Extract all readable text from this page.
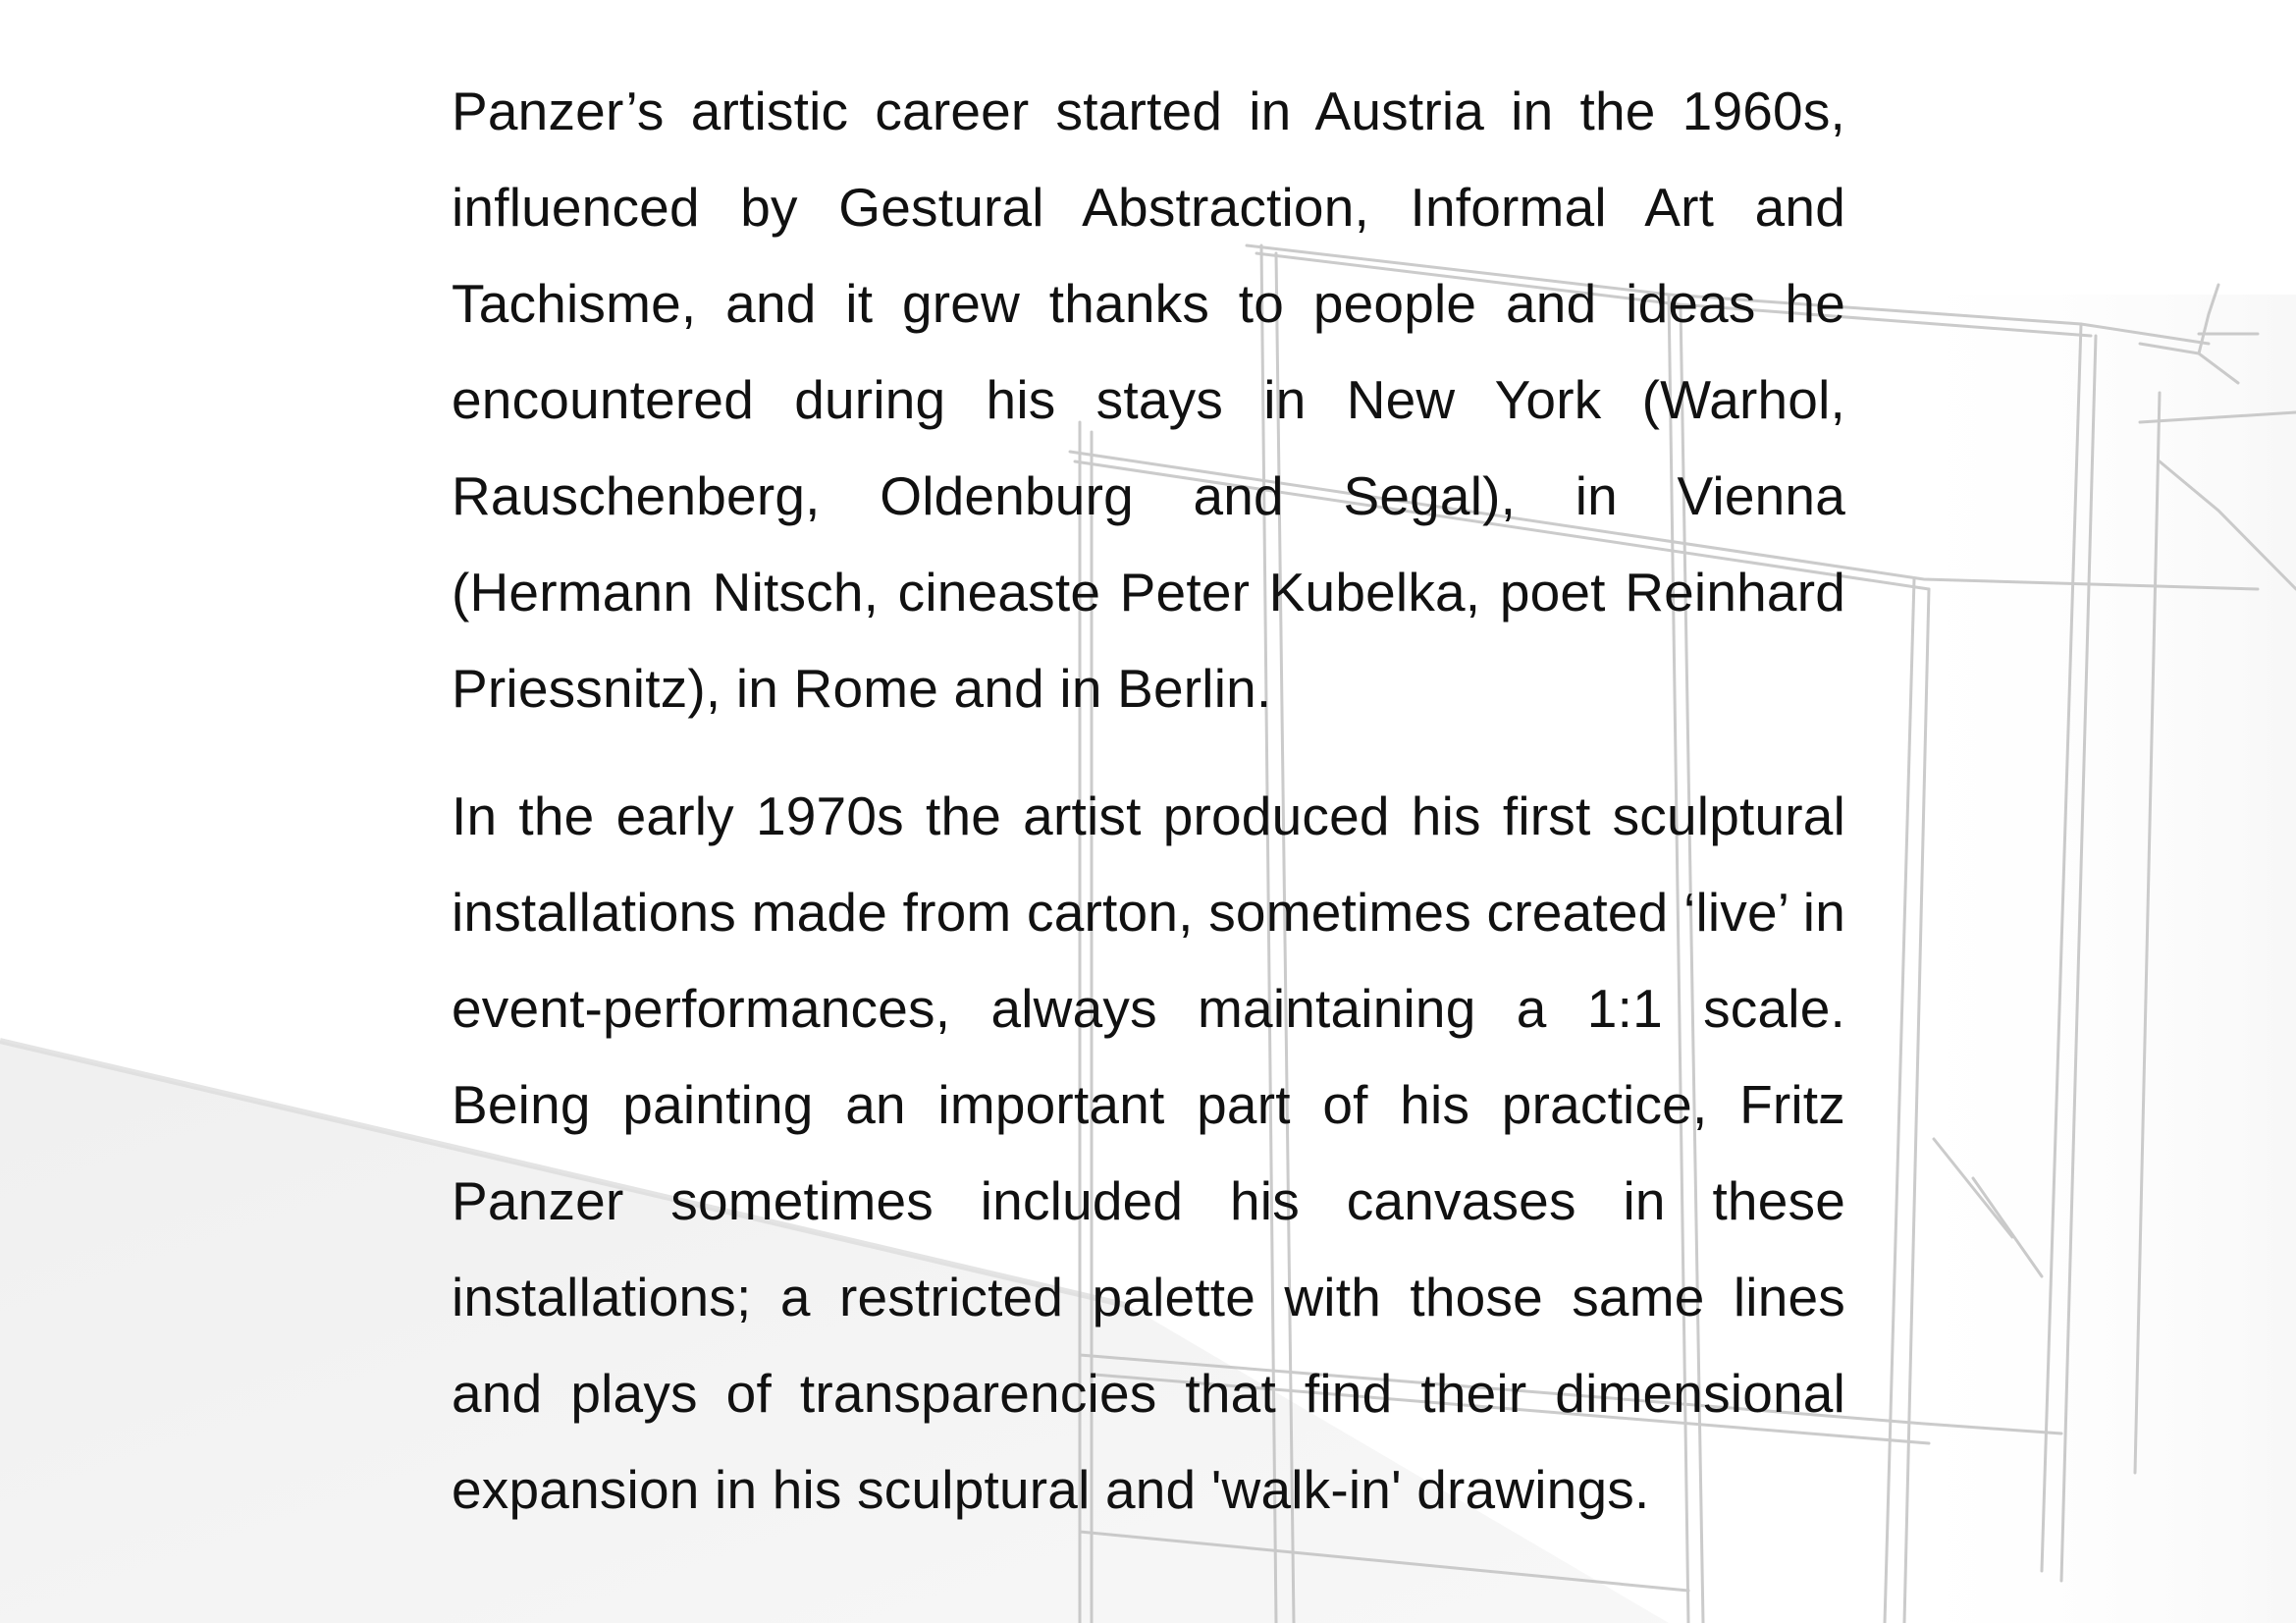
Panzer’s artistic career started in Austria in the 1960s, influenced by Gestural Abstraction, Informal Art and Tachisme, and it grew thanks to people and ideas he encountered during his stays in New York (Warhol, Rauschenberg, Oldenburg and Segal), in Vienna (Hermann Nitsch, cineaste Peter Kubelka, poet Reinhard Priessnitz), in Rome and in Berlin.

In the early 1970s the artist produced his first sculptural installations made from carton, sometimes created ‘live’ in event-performances, always maintaining a 1:1 scale. Being painting an important part of his practice, Fritz Panzer sometimes included his canvases in these installations; a restricted palette with those same lines and plays of transparencies that find their dimensional expansion in his sculptural and 'walk-in' drawings.
